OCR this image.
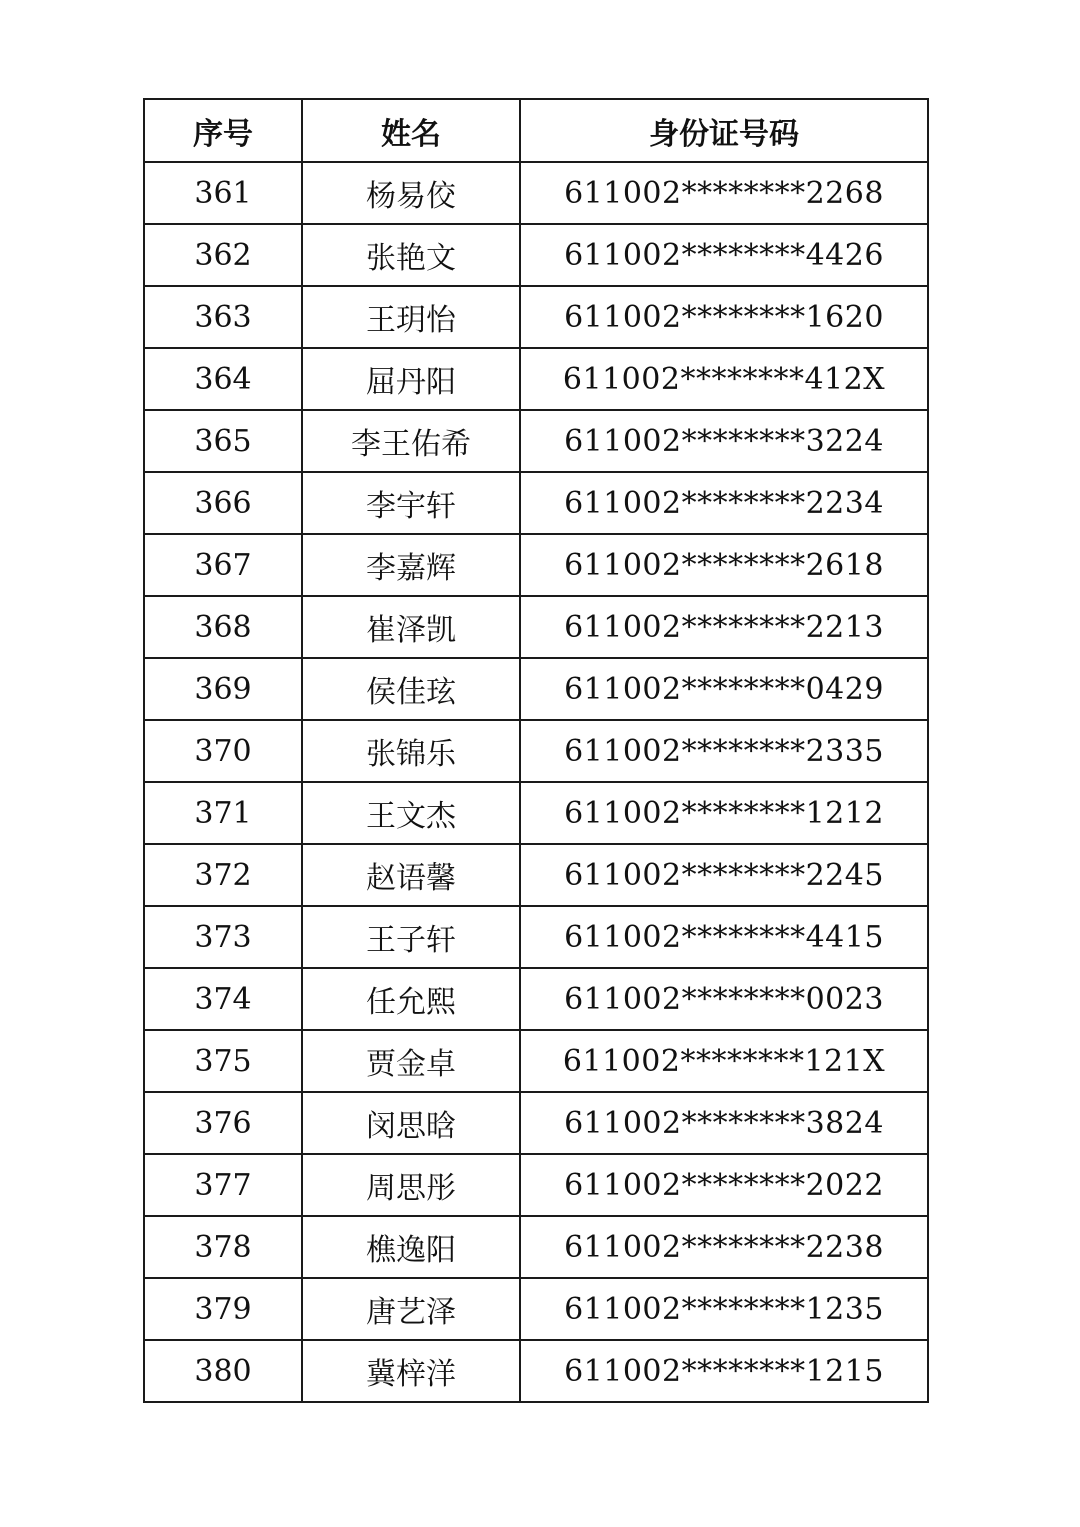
序号	姓名	身份证号码
361	杨易佼	611002********2268
362	张艳文	611002********4426
363	王玥怡	611002********1620
364	屈丹阳	611002********412X
365	李王佑希	611002********3224
366	李宇轩	611002********2234
367	李嘉辉	611002********2618
368	崔泽凯	611002********2213
369	侯佳玹	611002********0429
370	张锦乐	611002********2335
371	王文杰	611002********1212
372	赵语馨	611002********2245
373	王子轩	611002********4415
374	任允熙	611002********0023
375	贾金卓	611002********121X
376	闵思晗	611002********3824
377	周思彤	611002********2022
378	樵逸阳	611002********2238
379	唐艺泽	611002********1235
380	冀梓洋	611002********1215
